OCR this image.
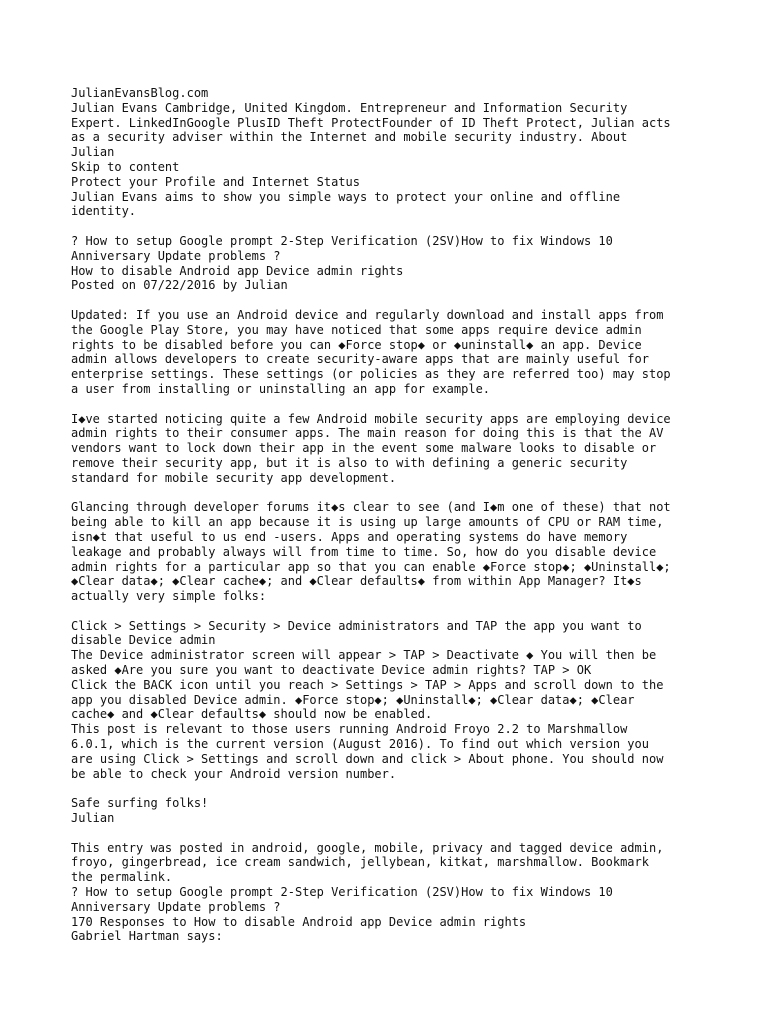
JulianEvansBlog.com
Julian Evans Cambridge, United Kingdom. Entrepreneur and Information Security
Expert. LinkedInGoogle PlusID Theft ProtectFounder of ID Theft Protect, Julian acts
as a security adviser within the Internet and mobile security industry. About
Julian
Skip to content
Protect your Profile and Internet Status
Julian Evans aims to show you simple ways to protect your online and offline
identity.
? How to setup Google prompt 2-Step Verification (2SV)How to fix Windows 10
Anniversary Update problems ?
How to disable Android app Device admin rights
Posted on 07/22/2016 by Julian
Updated: If you use an Android device and regularly download and install apps from
the Google Play Store, you may have noticed that some apps require device admin
rights to be disabled before you can ◆Force stop◆ or ◆uninstall◆ an app. Device
admin allows developers to create security-aware apps that are mainly useful for
enterprise settings. These settings (or policies as they are referred too) may stop
a user from installing or uninstalling an app for example.
I◆ve started noticing quite a few Android mobile security apps are employing device
admin rights to their consumer apps. The main reason for doing this is that the AV
vendors want to lock down their app in the event some malware looks to disable or
remove their security app, but it is also to with defining a generic security
standard for mobile security app development.
Glancing through developer forums it◆s clear to see (and I◆m one of these) that not
being able to kill an app because it is using up large amounts of CPU or RAM time,
isn◆t that useful to us end -users. Apps and operating systems do have memory
leakage and probably always will from time to time. So, how do you disable device
admin rights for a particular app so that you can enable ◆Force stop◆; ◆Uninstall◆;
◆Clear data◆; ◆Clear cache◆; and ◆Clear defaults◆ from within App Manager? It◆s
actually very simple folks:
Click > Settings > Security > Device administrators and TAP the app you want to
disable Device admin
The Device administrator screen will appear > TAP > Deactivate ◆ You will then be
asked ◆Are you sure you want to deactivate Device admin rights? TAP > OK
Click the BACK icon until you reach > Settings > TAP > Apps and scroll down to the
app you disabled Device admin. ◆Force stop◆; ◆Uninstall◆; ◆Clear data◆; ◆Clear
cache◆ and ◆Clear defaults◆ should now be enabled.
This post is relevant to those users running Android Froyo 2.2 to Marshmallow
6.0.1, which is the current version (August 2016). To find out which version you
are using Click > Settings and scroll down and click > About phone. You should now
be able to check your Android version number.
Safe surfing folks!
Julian
This entry was posted in android, google, mobile, privacy and tagged device admin,
froyo, gingerbread, ice cream sandwich, jellybean, kitkat, marshmallow. Bookmark
the permalink.
? How to setup Google prompt 2-Step Verification (2SV)How to fix Windows 10
Anniversary Update problems ?
170 Responses to How to disable Android app Device admin rights
Gabriel Hartman says:
